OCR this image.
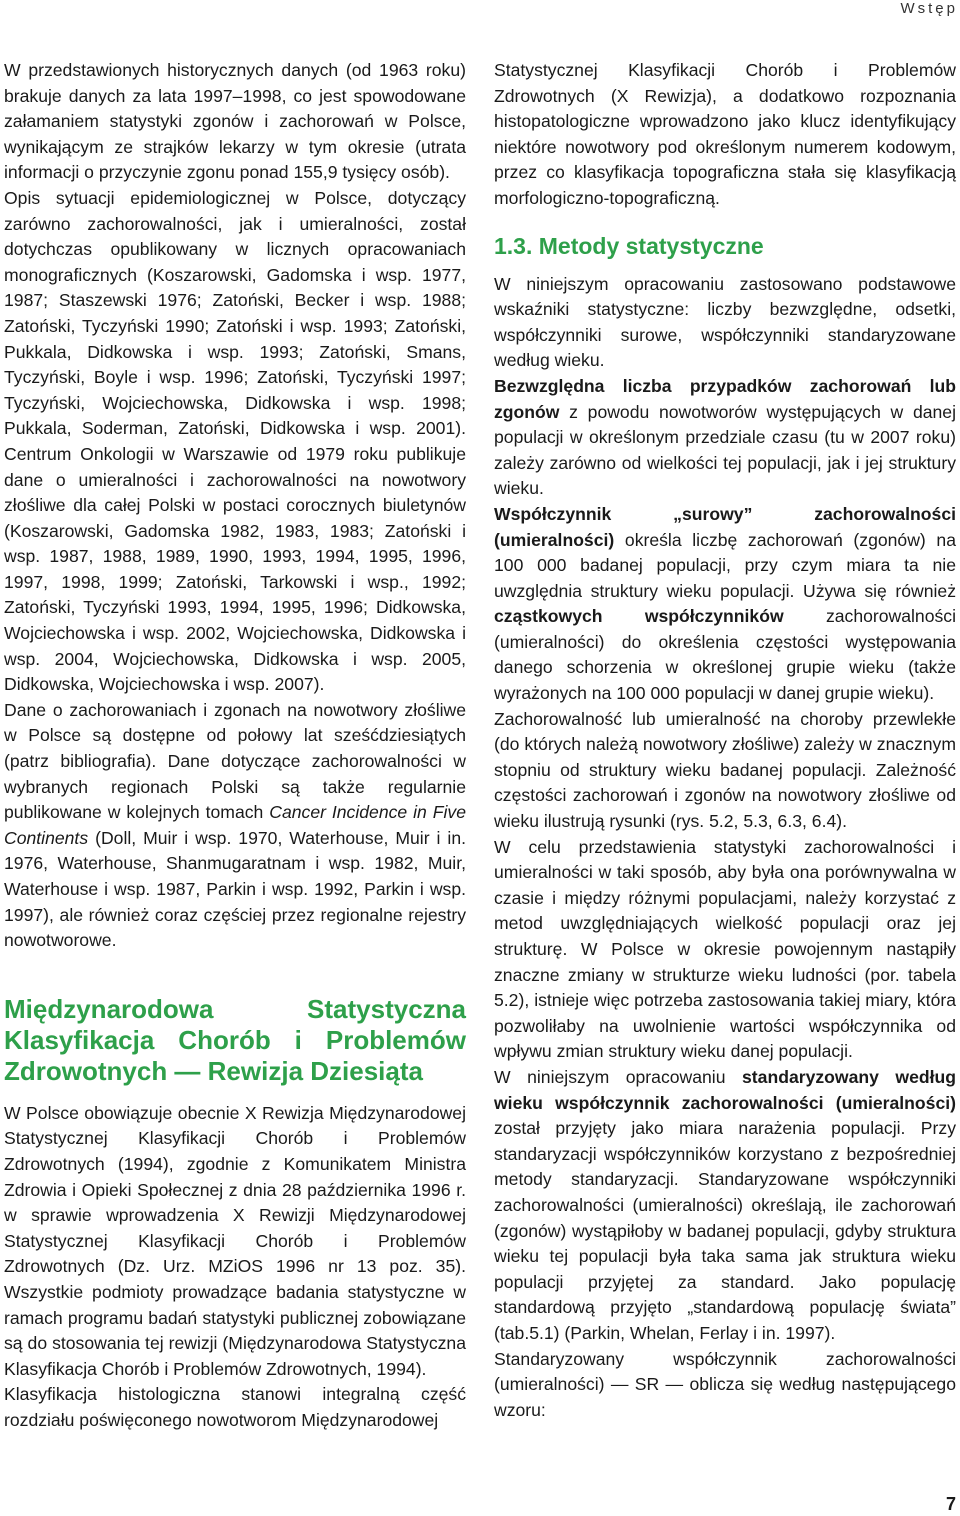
Wstęp

W przedstawionych historycznych danych (od 1963 roku) brakuje danych za lata 1997–1998, co jest spowodowane załamaniem statystyki zgonów i zachorowań w Polsce, wynikającym ze strajków lekarzy w tym okresie (utrata informacji o przyczynie zgonu ponad 155,9 tysięcy osób).

Opis sytuacji epidemiologicznej w Polsce, dotyczący zarówno zachorowalności, jak i umieralności, został dotychczas opublikowany w licznych opracowaniach monograficznych (Koszarowski, Gadomska i wsp. 1977, 1987; Staszewski 1976; Zatoński, Becker i wsp. 1988; Zatoński, Tyczyński 1990; Zatoński i wsp. 1993; Zatoński, Pukkala, Didkowska i wsp. 1993; Zatoński, Smans, Tyczyński, Boyle i wsp. 1996; Zatoński, Tyczyński 1997; Tyczyński, Wojciechowska, Didkowska i wsp. 1998; Pukkala, Soderman, Zatoński, Didkowska i wsp. 2001). Centrum Onkologii w Warszawie od 1979 roku publikuje dane o umieralności i zachorowalności na nowotwory złośliwe dla całej Polski w postaci corocznych biuletynów (Koszarowski, Gadomska 1982, 1983, 1983; Zatoński i wsp. 1987, 1988, 1989, 1990, 1993, 1994, 1995, 1996, 1997, 1998, 1999; Zatoński, Tarkowski i wsp., 1992; Zatoński, Tyczyński 1993, 1994, 1995, 1996; Didkowska, Wojciechowska i wsp. 2002, Wojciechowska, Didkowska i wsp. 2004, Wojciechowska, Didkowska i wsp. 2005, Didkowska, Wojciechowska i wsp. 2007).

Dane o zachorowaniach i zgonach na nowotwory złośliwe w Polsce są dostępne od połowy lat sześćdziesiątych (patrz bibliografia). Dane dotyczące zachorowalności w wybranych regionach Polski są także regularnie publikowane w kolejnych tomach Cancer Incidence in Five Continents (Doll, Muir i wsp. 1970, Waterhouse, Muir i in. 1976, Waterhouse, Shanmugaratnam i wsp. 1982, Muir, Waterhouse i wsp. 1987, Parkin i wsp. 1992, Parkin i wsp. 1997), ale również coraz częściej przez regionalne rejestry nowotworowe.

Międzynarodowa Statystyczna Klasyfikacja Chorób i Problemów Zdrowotnych — Rewizja Dziesiąta

W Polsce obowiązuje obecnie X Rewizja Międzynarodowej Statystycznej Klasyfikacji Chorób i Problemów Zdrowotnych (1994), zgodnie z Komunikatem Ministra Zdrowia i Opieki Społecznej z dnia 28 października 1996 r. w sprawie wprowadzenia X Rewizji Międzynarodowej Statystycznej Klasyfikacji Chorób i Problemów Zdrowotnych (Dz. Urz. MZiOS 1996 nr 13 poz. 35). Wszystkie podmioty prowadzące badania statystyczne w ramach programu badań statystyki publicznej zobowiązane są do stosowania tej rewizji (Międzynarodowa Statystyczna Klasyfikacja Chorób i Problemów Zdrowotnych, 1994).

Klasyfikacja histologiczna stanowi integralną część rozdziału poświęconego nowotworom Międzynarodowej

Statystycznej Klasyfikacji Chorób i Problemów Zdrowotnych (X Rewizja), a dodatkowo rozpoznania histopatologiczne wprowadzono jako klucz identyfikujący niektóre nowotwory pod określonym numerem kodowym, przez co klasyfikacja topograficzna stała się klasyfikacją morfologiczno-topograficzną.

1.3. Metody statystyczne

W niniejszym opracowaniu zastosowano podstawowe wskaźniki statystyczne: liczby bezwzględne, odsetki, współczynniki surowe, współczynniki standaryzowane według wieku.

Bezwzględna liczba przypadków zachorowań lub zgonów z powodu nowotworów występujących w danej populacji w określonym przedziale czasu (tu w 2007 roku) zależy zarówno od wielkości tej populacji, jak i jej struktury wieku.

Współczynnik „surowy” zachorowalności (umieralności) określa liczbę zachorowań (zgonów) na 100 000 badanej populacji, przy czym miara ta nie uwzględnia struktury wieku populacji. Używa się również cząstkowych współczynników zachorowalności (umieralności) do określenia częstości występowania danego schorzenia w określonej grupie wieku (także wyrażonych na 100 000 populacji w danej grupie wieku).

Zachorowalność lub umieralność na choroby przewlekłe (do których należą nowotwory złośliwe) zależy w znacznym stopniu od struktury wieku badanej populacji. Zależność częstości zachorowań i zgonów na nowotwory złośliwe od wieku ilustrują rysunki (rys. 5.2, 5.3, 6.3, 6.4).

W celu przedstawienia statystyki zachorowalności i umieralności w taki sposób, aby była ona porównywalna w czasie i między różnymi populacjami, należy korzystać z metod uwzględniających wielkość populacji oraz jej strukturę. W Polsce w okresie powojennym nastąpiły znaczne zmiany w strukturze wieku ludności (por. tabela 5.2), istnieje więc potrzeba zastosowania takiej miary, która pozwoliłaby na uwolnienie wartości współczynnika od wpływu zmian struktury wieku danej populacji.

W niniejszym opracowaniu standaryzowany według wieku współczynnik zachorowalności (umieralności) został przyjęty jako miara narażenia populacji. Przy standaryzacji współczynników korzystano z bezpośredniej metody standaryzacji. Standaryzowane współczynniki zachorowalności (umieralności) określają, ile zachorowań (zgonów) wystąpiłoby w badanej populacji, gdyby struktura wieku tej populacji była taka sama jak struktura wieku populacji przyjętej za standard. Jako populację standardową przyjęto „standardową populację świata” (tab.5.1) (Parkin, Whelan, Ferlay i in. 1997).

Standaryzowany współczynnik zachorowalności (umieralności) — SR — oblicza się według następującego wzoru:

7
